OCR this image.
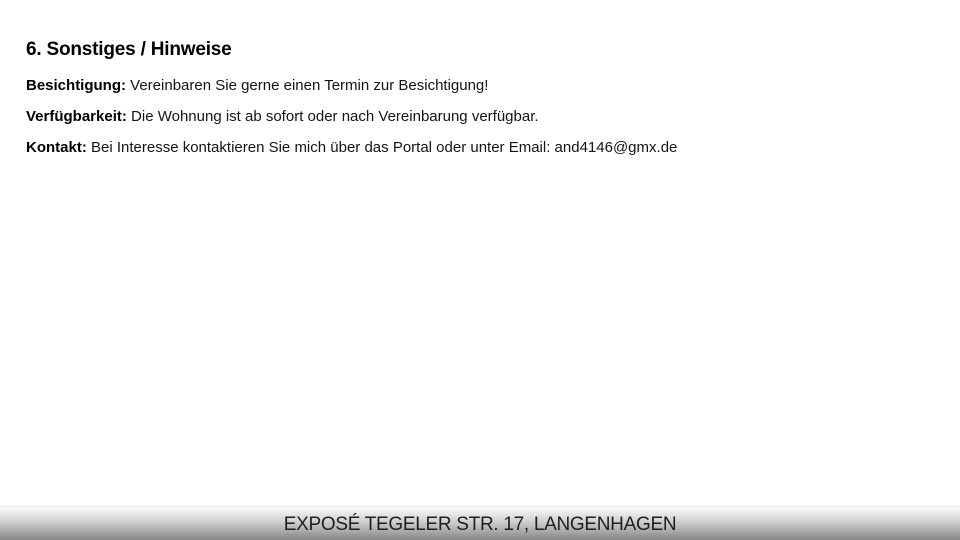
6. Sonstiges / Hinweise

Besichtigung: Vereinbaren Sie gerne einen Termin zur Besichtigung!

Verfügbarkeit: Die Wohnung ist ab sofort oder nach Vereinbarung verfügbar.

Kontakt: Bei Interesse kontaktieren Sie mich über das Portal oder unter Email: and4146@gmx.de

EXPOSÉ TEGELER STR. 17, LANGENHAGEN
